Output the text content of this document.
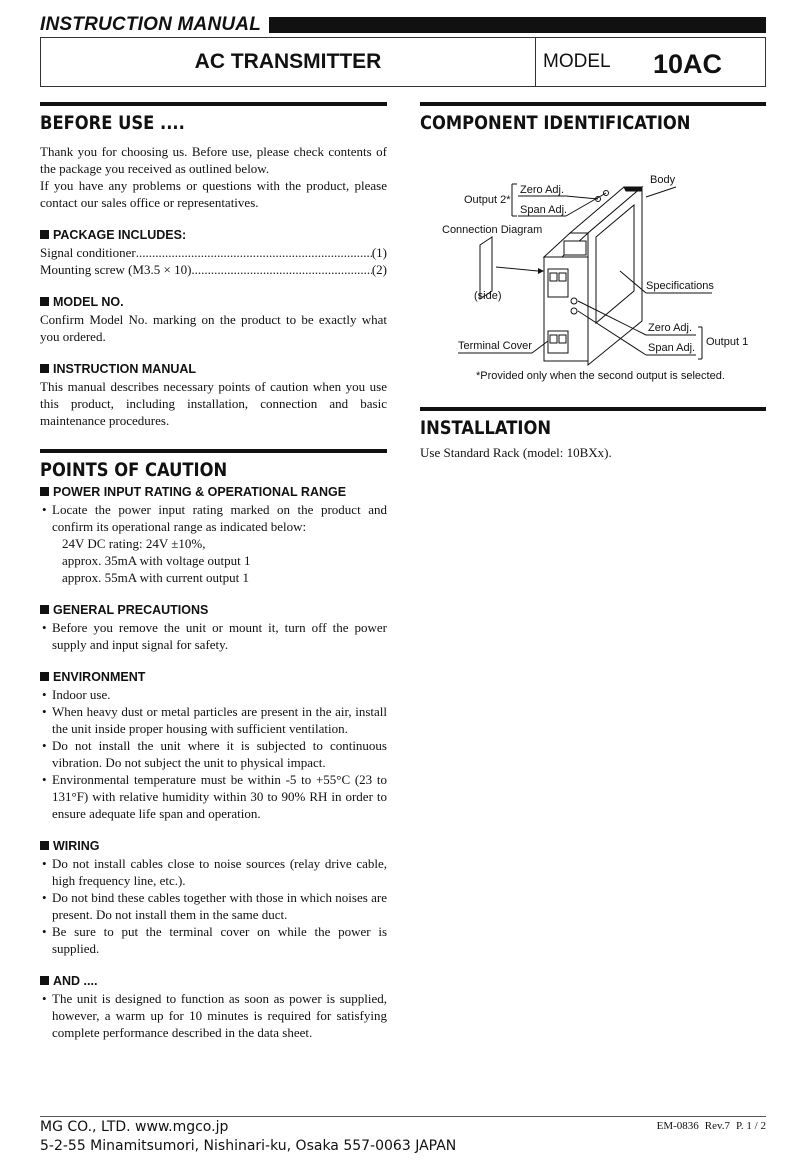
INSTRUCTION MANUAL
AC TRANSMITTER	MODEL 10AC
BEFORE USE ....

Thank you for choosing us. Before use, please check contents of the package you received as outlined below.

If you have any problems or questions with the product, please contact our sales office or representatives.

PACKAGE INCLUDES:

Signal conditioner .....	(1)
Mounting screw (M3.5 × 10) .....	(2)

MODEL NO.

Confirm Model No. marking on the product to be exactly what you ordered.

INSTRUCTION MANUAL

This manual describes necessary points of caution when you use this product, including installation, connection and basic maintenance procedures.

POINTS OF CAUTION

POWER INPUT RATING & OPERATIONAL RANGE

• Locate the power input rating marked on the product and confirm its operational range as indicated below:

24V DC rating: 24V ±10%,

approx. 35mA with voltage output 1

approx. 55mA with current output 1

GENERAL PRECAUTIONS

• Before you remove the unit or mount it, turn off the power supply and input signal for safety.

ENVIRONMENT

• Indoor use.

• When heavy dust or metal particles are present in the air, install the unit inside proper housing with sufficient ventilation.

• Do not install the unit where it is subjected to continuous vibration. Do not subject the unit to physical impact.

• Environmental temperature must be within -5 to +55°C (23 to 131°F) with relative humidity within 30 to 90% RH in order to ensure adequate life span and operation.

WIRING

• Do not install cables close to noise sources (relay drive cable, high frequency line, etc.).

• Do not bind these cables together with those in which noises are present. Do not install them in the same duct.

• Be sure to put the terminal cover on while the power is supplied.

AND ....

• The unit is designed to function as soon as power is supplied, however, a warm up for 10 minutes is required for satisfying complete performance described in the data sheet.

COMPONENT IDENTIFICATION
Output 2*
Zero Adj.
Span Adj.
Body
Connection Diagram
(side)
Specifications
Zero Adj.
Span Adj. Output 1
Terminal Cover

*Provided only when the second output is selected.

INSTALLATION

Use Standard Rack (model: 10BXx).

MG CO., LTD. www.mgco.jp
5-2-55 Minamitsumori, Nishinari-ku, Osaka 557-0063 JAPAN
EM-0836 Rev.7 P. 1 / 2
